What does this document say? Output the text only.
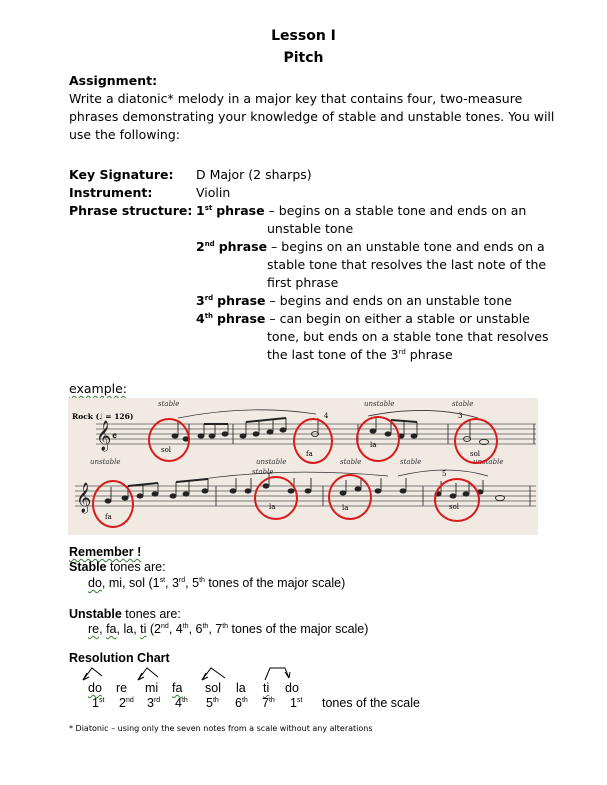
Lesson I
Pitch
Assignment:
Write a diatonic* melody in a major key that contains four, two-measure
phrases demonstrating your knowledge of stable and unstable tones. You will
use the following:
Key Signature: D Major (2 sharps)
Instrument:	Violin
Phrase structure: 1st phrase – begins on a stable tone and ends on an
unstable tone
2nd phrase – begins on an unstable tone and ends on a
stable tone that resolves the last note of the
first phrase
3rd phrase – begins and ends on an unstable tone
4th phrase – can begin on either a stable or unstable
tone, but ends on a stable tone that resolves
the last tone of the 3rd phrase
example:
𝄞
𝄞
𝄴
Rock (♩ = 126)
stable	unstable	stable
unstable	unstable	stable	stable	unstable
stable
4	3
5
sol	fa
la
sol
fa
la	la	sol
Remember !
Stable tones are:
do, mi, sol (1st, 3rd, 5th tones of the major scale)
Unstable tones are:
re, fa, la, ti (2nd, 4th, 6th, 7th tones of the major scale)
Resolution Chart
do re mi fa sol la ti do
1st 2nd 3rd 4th 5th 6th 7th 1st tones of the scale
* Diatonic – using only the seven notes from a scale without any alterations
